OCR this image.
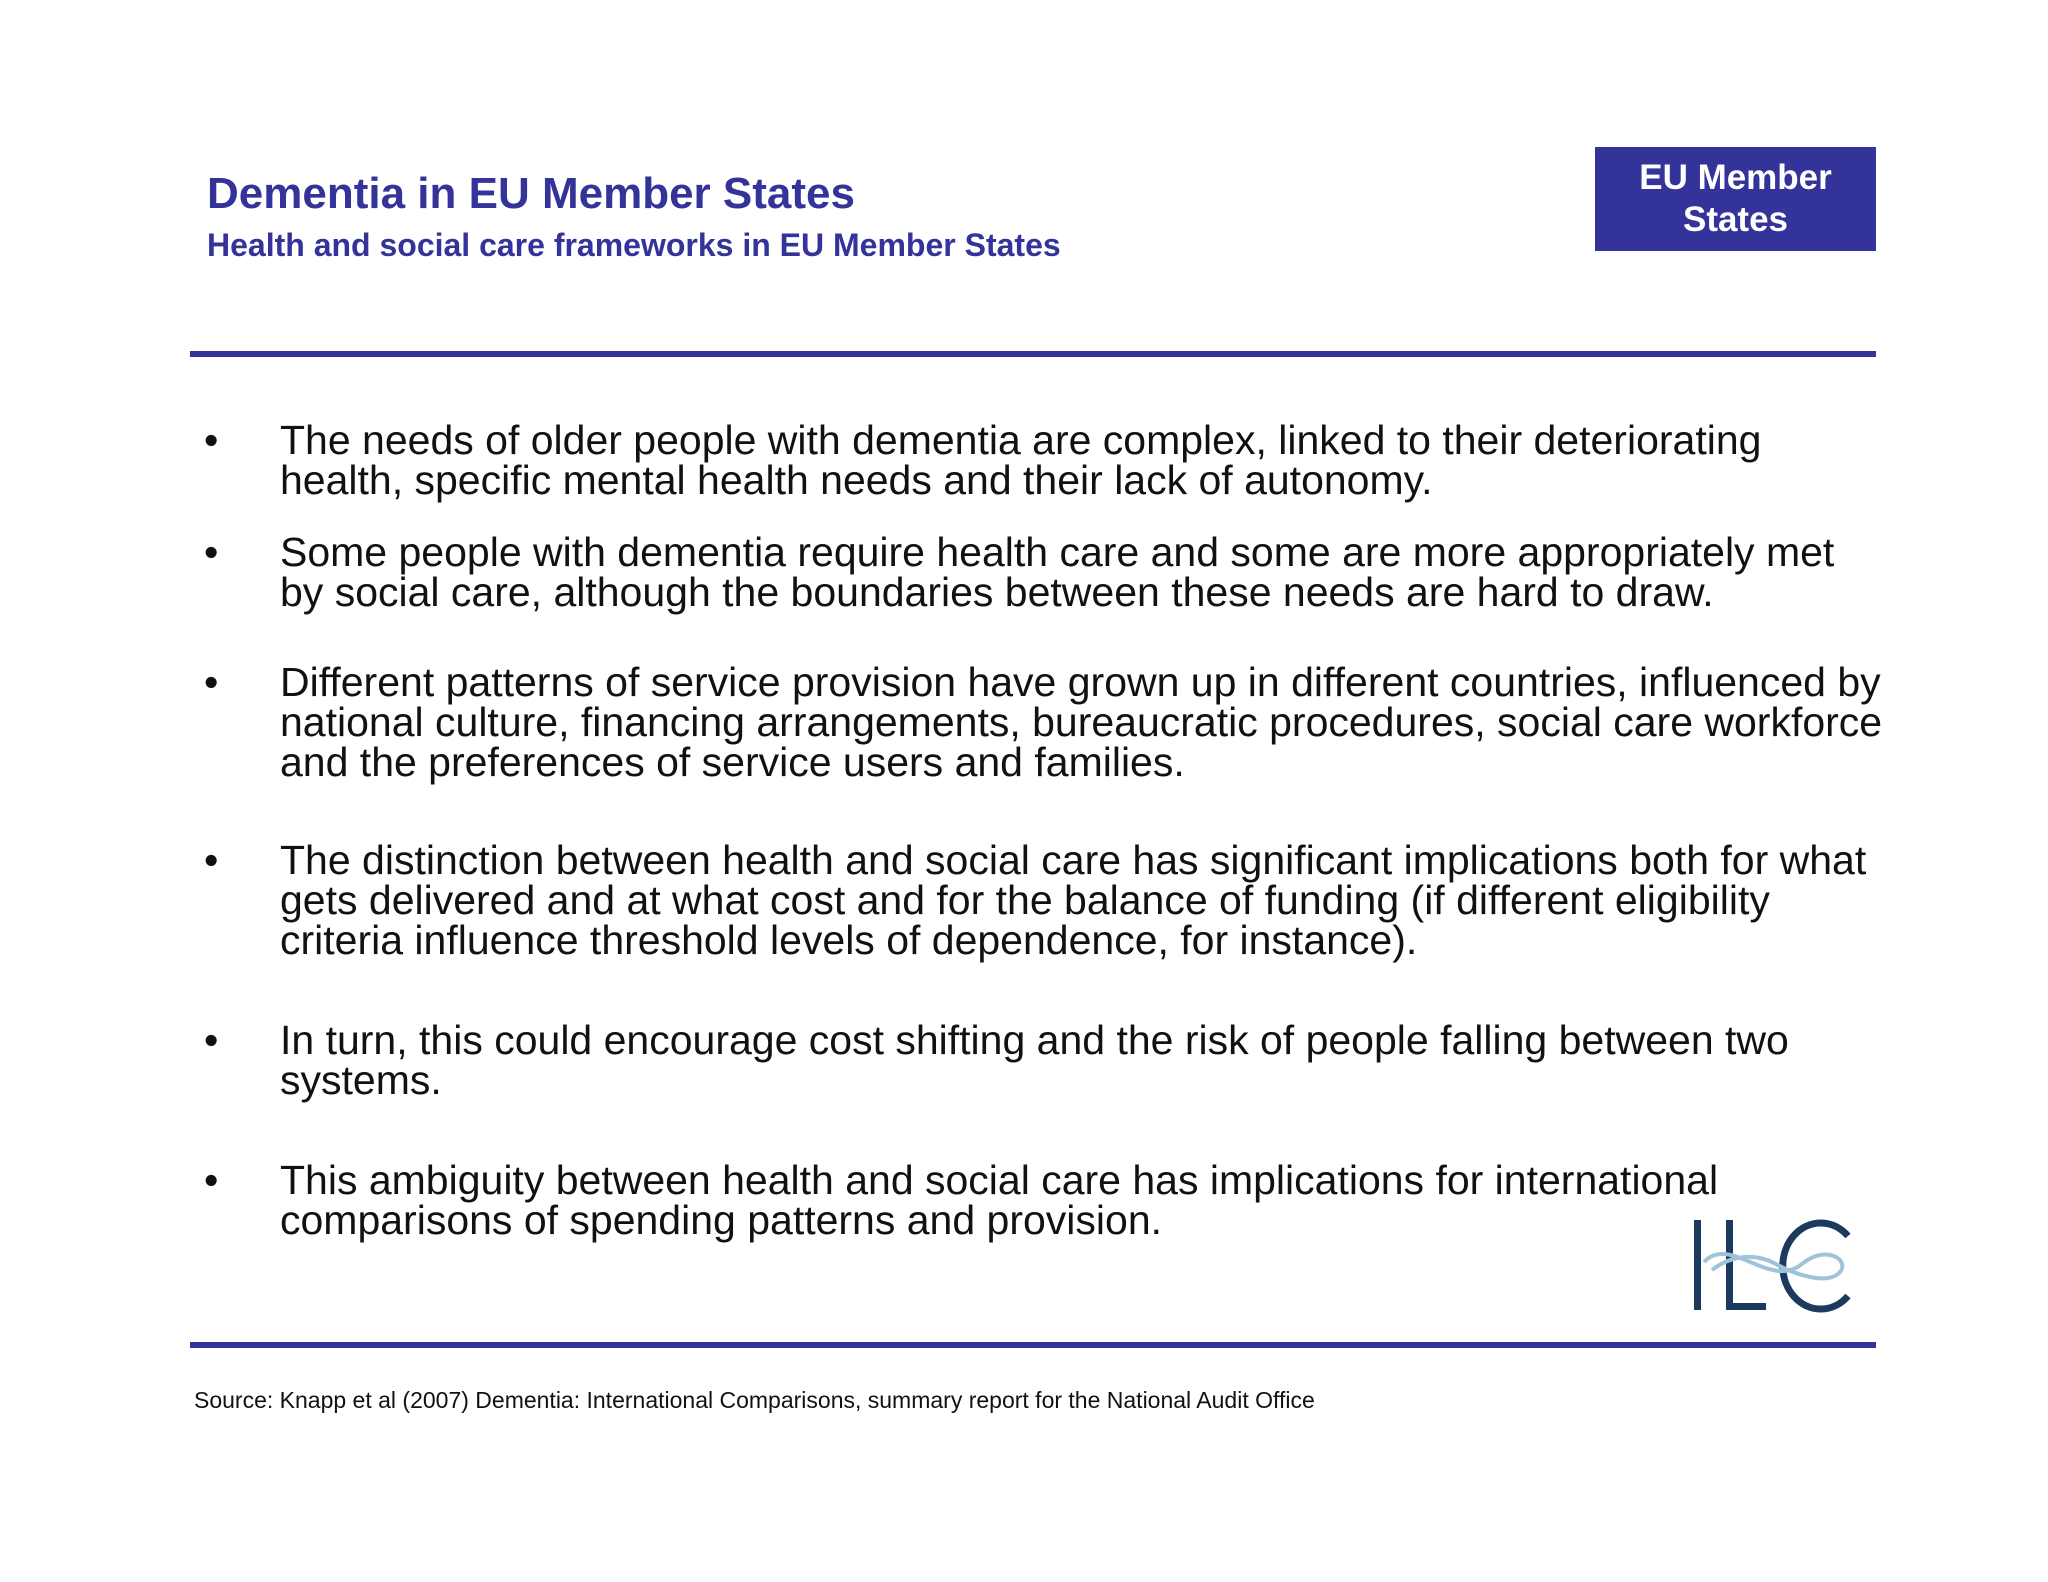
Dementia in EU Member States
Health and social care frameworks in EU Member States
EU Member
States
•	The needs of older people with dementia are complex, linked to their deteriorating health, specific mental health needs and their lack of autonomy.
•	Some people with dementia require health care and some are more appropriately met by social care, although the boundaries between these needs are hard to draw.
•	Different patterns of service provision have grown up in different countries, influenced by national culture, financing arrangements, bureaucratic procedures, social care workforce and the preferences of service users and families.
•	The distinction between health and social care has significant implications both for what gets delivered and at what cost and for the balance of funding (if different eligibility criteria influence threshold levels of dependence, for instance).
•	In turn, this could encourage cost shifting and the risk of people falling between two systems.
•	This ambiguity between health and social care has implications for international comparisons of spending patterns and provision.

Source: Knapp et al (2007) Dementia: International Comparisons, summary report for the National Audit Office
